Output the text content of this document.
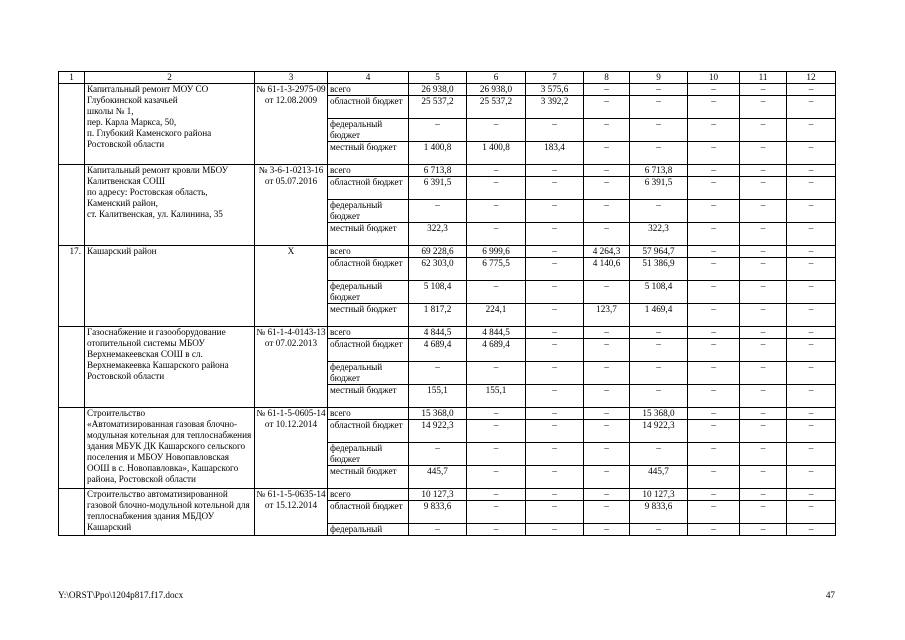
1	2	3	4	5	6	7	8	9	10	11	12
	Капитальный ремонт МОУ СО Глубокинской казачьей
школы № 1,
пер. Карла Маркса, 50,
п. Глубокий Каменского района Ростовской области	№ 61-1-3-2975-09
от 12.08.2009	всего	26 938,0	26 938,0	3 575,6	–	–	–	–	–
			областной бюджет	25 537,2	25 537,2	3 392,2	–	–	–	–	–
			федеральный бюджет	–	–	–	–	–	–	–	–
			местный бюджет	1 400,8	1 400,8	183,4	–	–	–	–	–
	Капитальный ремонт кровли МБОУ Калитвенская СОШ
по адресу: Ростовская область, Каменский район,
ст. Калитвенская, ул. Калинина, 35	№ 3-6-1-0213-16
от 05.07.2016	всего	6 713,8	–	–	–	6 713,8	–	–	–
			областной бюджет	6 391,5	–	–	–	6 391,5	–	–	–
			федеральный бюджет	–	–	–	–	–	–	–	–
			местный бюджет	322,3	–	–	–	322,3	–	–	–
17.	Кашарский район	Х	всего	69 228,6	6 999,6	–	4 264,3	57 964,7	–	–	–
			областной бюджет	62 303,0	6 775,5	–	4 140,6	51 386,9	–	–	–
			федеральный бюджет	5 108,4	–	–	–	5 108,4	–	–	–
			местный бюджет	1 817,2	224,1	–	123,7	1 469,4	–	–	–
	Газоснабжение и газооборудование отопительной системы МБОУ Верхнемакеевская СОШ в сл. Верхнемакеевка Кашарского района Ростовской области	№ 61-1-4-0143-13
от 07.02.2013	всего	4 844,5	4 844,5	–	–	–	–	–	–
			областной бюджет	4 689,4	4 689,4	–	–	–	–	–	–
			федеральный бюджет	–	–	–	–	–	–	–	–
			местный бюджет	155,1	155,1	–	–	–	–	–	–
	Строительство
«Автоматизированная газовая блочно-модульная котельная для теплоснабжения здания МБУК ДК Кашарского сельского поселения и МБОУ Новопавловская ООШ в с. Новопавловка», Кашарского района, Ростовской области	№ 61-1-5-0605-14
от 10.12.2014	всего	15 368,0	–	–	–	15 368,0	–	–	–
			областной бюджет	14 922,3	–	–	–	14 922,3	–	–	–
			федеральный бюджет	–	–	–	–	–	–	–	–
			местный бюджет	445,7	–	–	–	445,7	–	–	–
	Строительство автоматизированной газовой блочно-модульной котельной для теплоснабжения здания МБДОУ Кашарский	№ 61-1-5-0635-14
от 15.12.2014	всего	10 127,3	–	–	–	10 127,3	–	–	–
			областной бюджет	9 833,6	–	–	–	9 833,6	–	–	–
			федеральный	–	–	–	–	–	–	–	–
Y:\ORST\Ppo\1204p817.f17.docx	47
